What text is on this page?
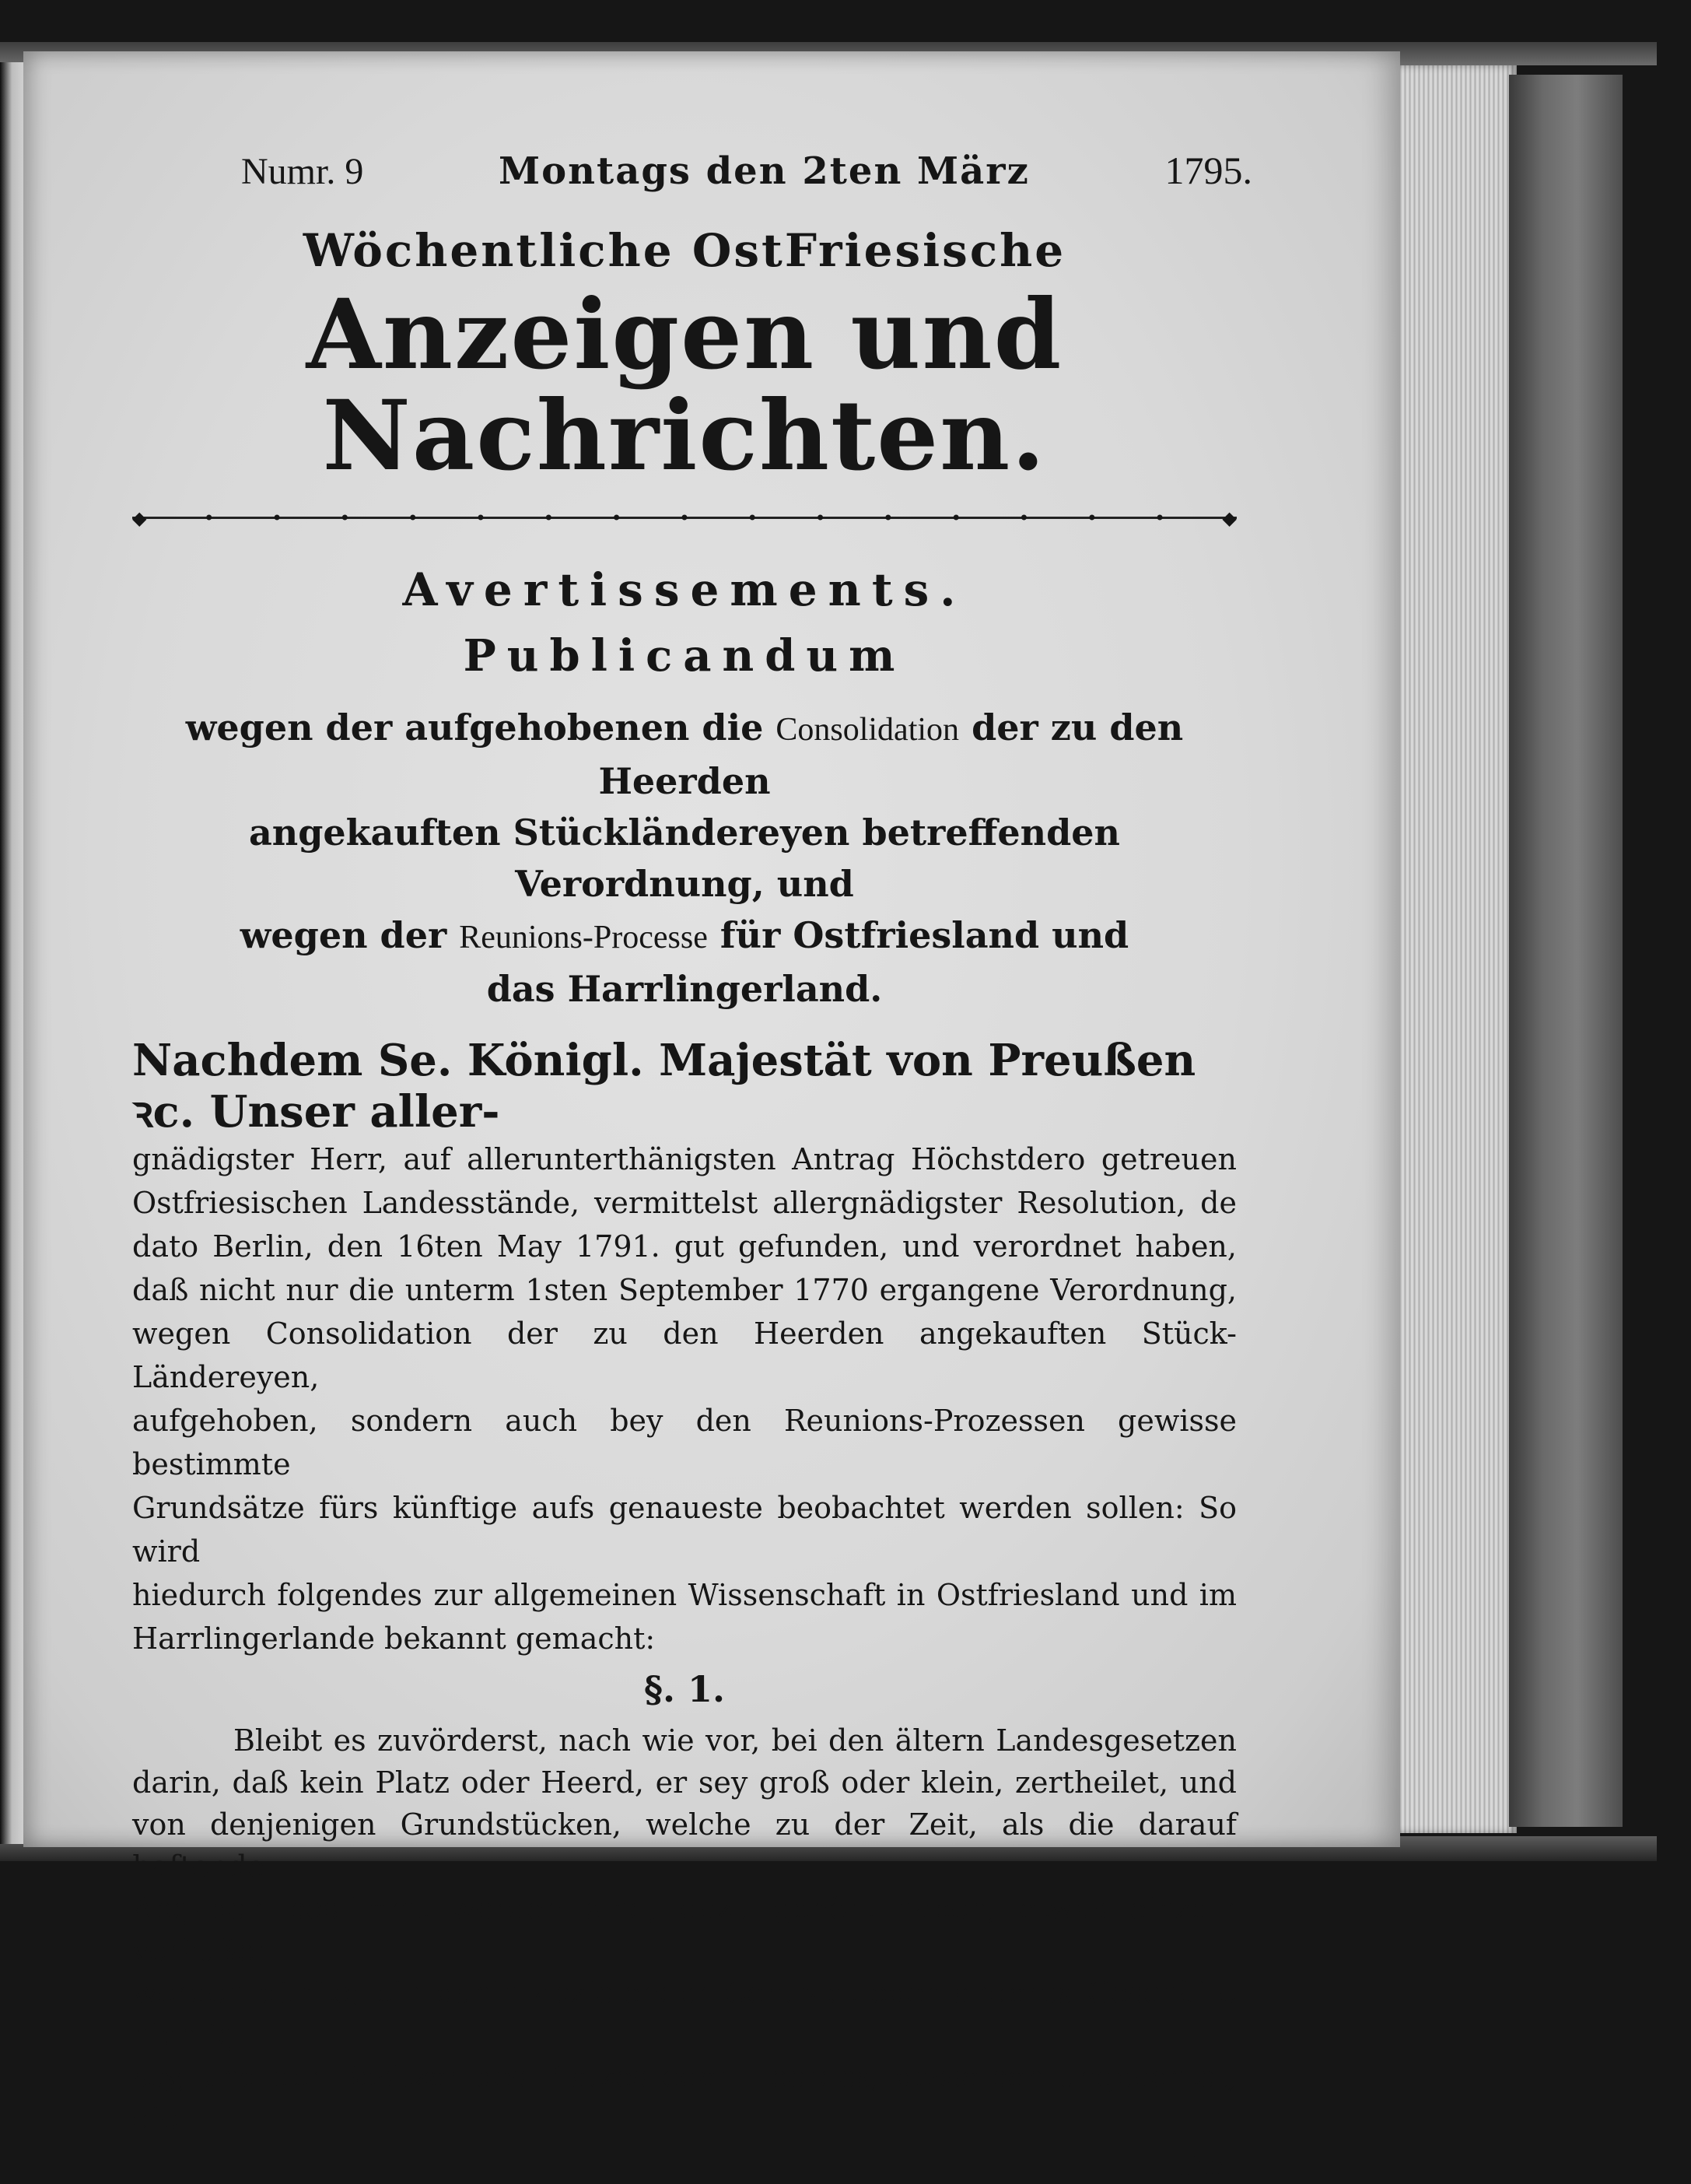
Numr. 9	Montags den 2ten März	1795.
Wöchentliche OstFriesische
Anzeigen und Nachrichten.
◆	•	•	•	•	•	•	•	•	•	•	•	•	•	•	•	◆
Avertissements.
Publicandum
wegen der aufgehobenen die Consolidation der zu den Heerden
angekauften Stückländereyen betreffenden Verordnung, und
wegen der Reunions-Processe für Ostfriesland und
das Harrlingerland.
Nachdem Se. Königl. Majestät von Preußen ꝛc. Unser aller-
gnädigster Herr, auf allerunterthänigsten Antrag Höchstdero getreuen
Ostfriesischen Landesstände, vermittelst allergnädigster Resolution, de
dato Berlin, den 16ten May 1791. gut gefunden, und verordnet haben,
daß nicht nur die unterm 1sten September 1770 ergangene Verordnung,
wegen Consolidation der zu den Heerden angekauften Stück-Ländereyen,
aufgehoben, sondern auch bey den Reunions-Prozessen gewisse bestimmte
Grundsätze fürs künftige aufs genaueste beobachtet werden sollen: So wird
hiedurch folgendes zur allgemeinen Wissenschaft in Ostfriesland und im
Harrlingerlande bekannt gemacht:
§. 1.
Bleibt es zuvörderst, nach wie vor, bei den ältern Landesgesetzen
darin, daß kein Platz oder Heerd, er sey groß oder klein, zertheilet, und
von denjenigen Grundstücken, welche zu der Zeit, als die darauf haftende
Abgaben bestimmt worden sind, dazu gehört haben, etwas einzeln veräußert
werden dürfte; ein dahin abzielender Contract oder anderes Geschäfte nichtig
sey, und der Besitzer des Platzes oder Heerdes, desselben ungeachtet, die
Be-
